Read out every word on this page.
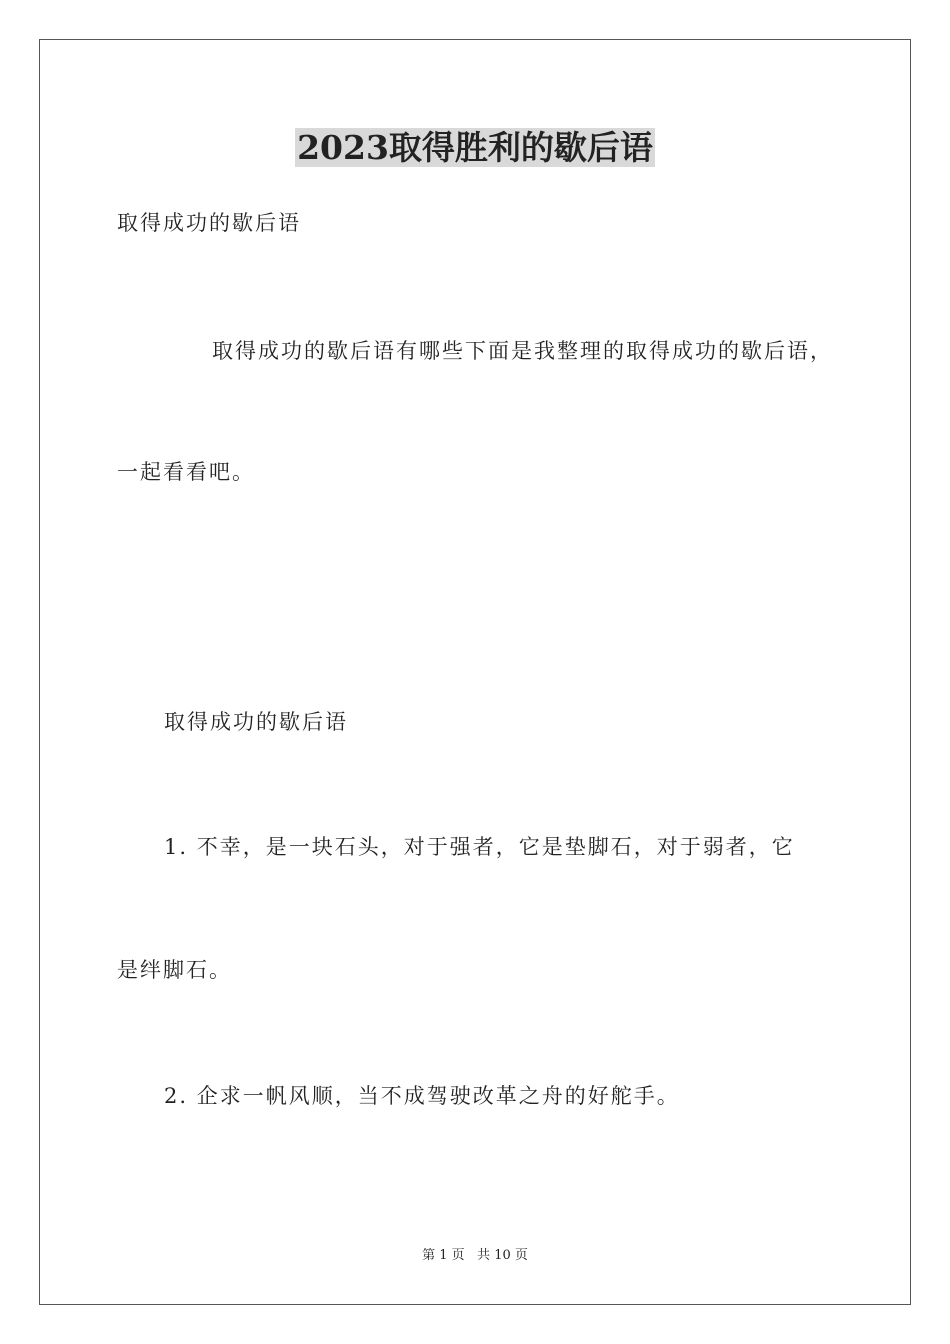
2023取得胜利的歇后语
取得成功的歇后语
取得成功的歇后语有哪些下面是我整理的取得成功的歇后语，
一起看看吧。
取得成功的歇后语
1. 不幸，是一块石头，对于强者，它是垫脚石，对于弱者，它
是绊脚石。
2. 企求一帆风顺，当不成驾驶改革之舟的好舵手。
第 1 页   共 10 页
